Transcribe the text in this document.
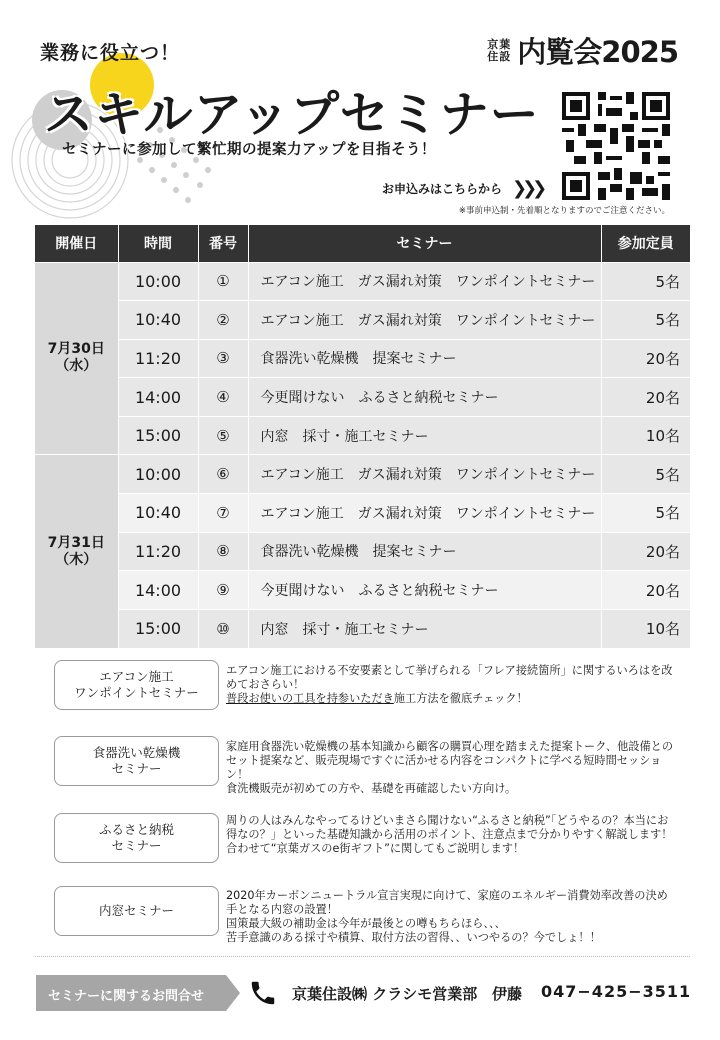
業務に役立つ！	京葉住設 内覧会2025
スキルアップセミナー
セミナーに参加して繁忙期の提案力アップを目指そう！
お申込みはこちらから ❯❯❯
※事前申込制・先着順となりますのでご注意ください。
開催日	時間	番号	セミナー	参加定員

7月30日
（水）	10:00	①	エアコン施工　ガス漏れ対策　ワンポイントセミナー	5名
	10:40	②	エアコン施工　ガス漏れ対策　ワンポイントセミナー	5名
	11:20	③	食器洗い乾燥機　提案セミナー	20名
	14:00	④	今更聞けない　ふるさと納税セミナー	20名
	15:00	⑤	内窓　採寸・施工セミナー	10名

7月31日
（木）	10:00	⑥	エアコン施工　ガス漏れ対策　ワンポイントセミナー	5名
	10:40	⑦	エアコン施工　ガス漏れ対策　ワンポイントセミナー	5名
	11:20	⑧	食器洗い乾燥機　提案セミナー	20名
	14:00	⑨	今更聞けない　ふるさと納税セミナー	20名
	15:00	⑩	内窓　採寸・施工セミナー	10名
エアコン施工
ワンポイントセミナー

エアコン施工における不安要素として挙げられる「フレア接続箇所」に関するいろはを改めておさらい！

普段お使いの工具を持参いただき施工方法を徹底チェック！

食器洗い乾燥機
セミナー

家庭用食器洗い乾燥機の基本知識から顧客の購買心理を踏まえた提案トーク、他設備とのセット提案など、販売現場ですぐに活かせる内容をコンパクトに学べる短時間セッション！

食洗機販売が初めての方や、基礎を再確認したい方向け。

ふるさと納税
セミナー

周りの人はみんなやってるけどいまさら聞けない“ふるさと納税”「どうやるの？本当にお得なの？」といった基礎知識から活用のポイント、注意点まで分かりやすく解説します！

合わせて“京葉ガスのe街ギフト”に関してもご説明します！

内窓セミナー

2020年カーボンニュートラル宣言実現に向けて、家庭のエネルギー消費効率改善の決め手となる内窓の設置！

国策最大級の補助金は今年が最後との噂もちらほら、、、

苦手意識のある採寸や積算、取付方法の習得、、いつやるの？今でしょ！！

セミナーに関するお問合せ	京葉住設㈱ クラシモ営業部 伊藤 047−425−3511
